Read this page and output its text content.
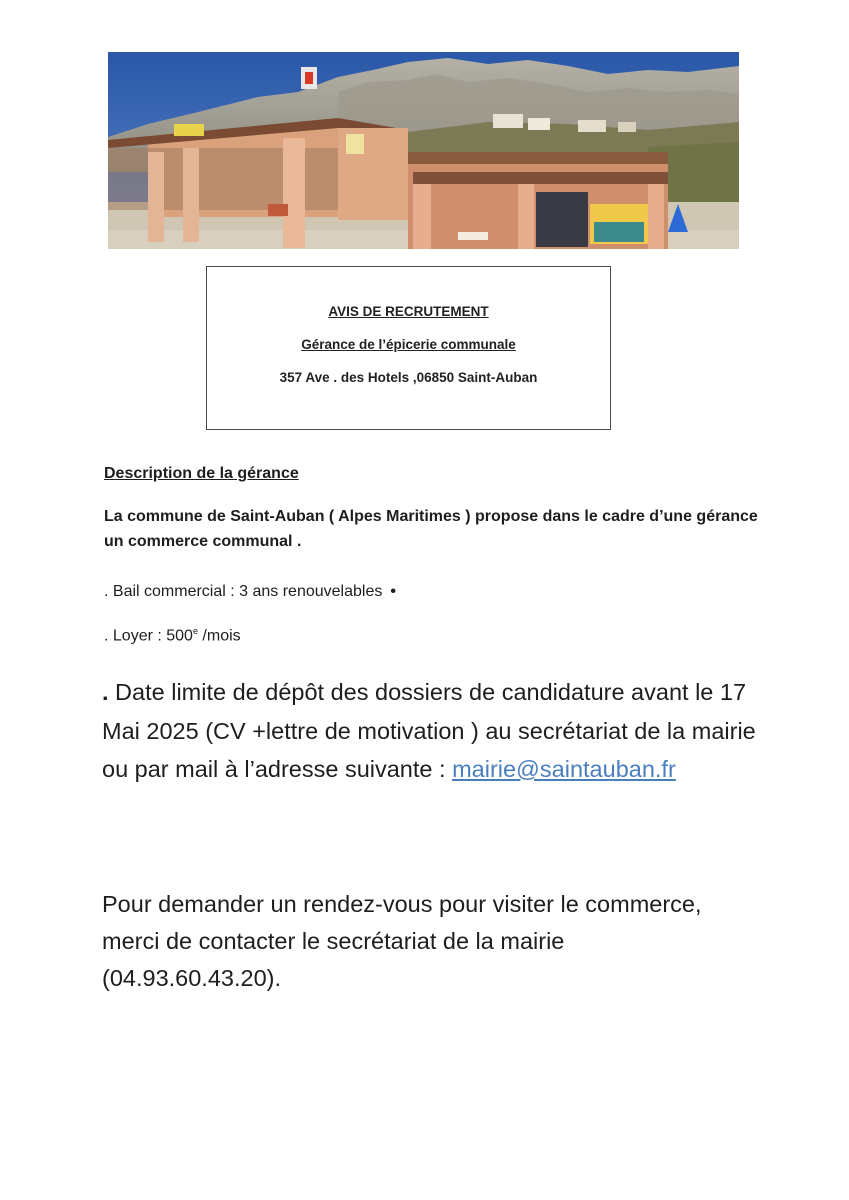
AVIS DE RECRUTEMENT
Gérance de l’épicerie communale
357 Ave . des Hotels ,06850 Saint-Auban
Description de la gérance
La commune de Saint-Auban ( Alpes Maritimes ) propose dans le cadre d’une gérance un commerce communal .
. Bail commercial : 3 ans renouvelables •
. Loyer : 500e /mois
. Date limite de dépôt des dossiers de candidature avant le 17 Mai 2025 (CV +lettre de motivation ) au secrétariat de la mairie ou par mail à l’adresse suivante : mairie@saintauban.fr
Pour demander un rendez-vous pour visiter le commerce, merci de contacter le secrétariat de la mairie (04.93.60.43.20).
